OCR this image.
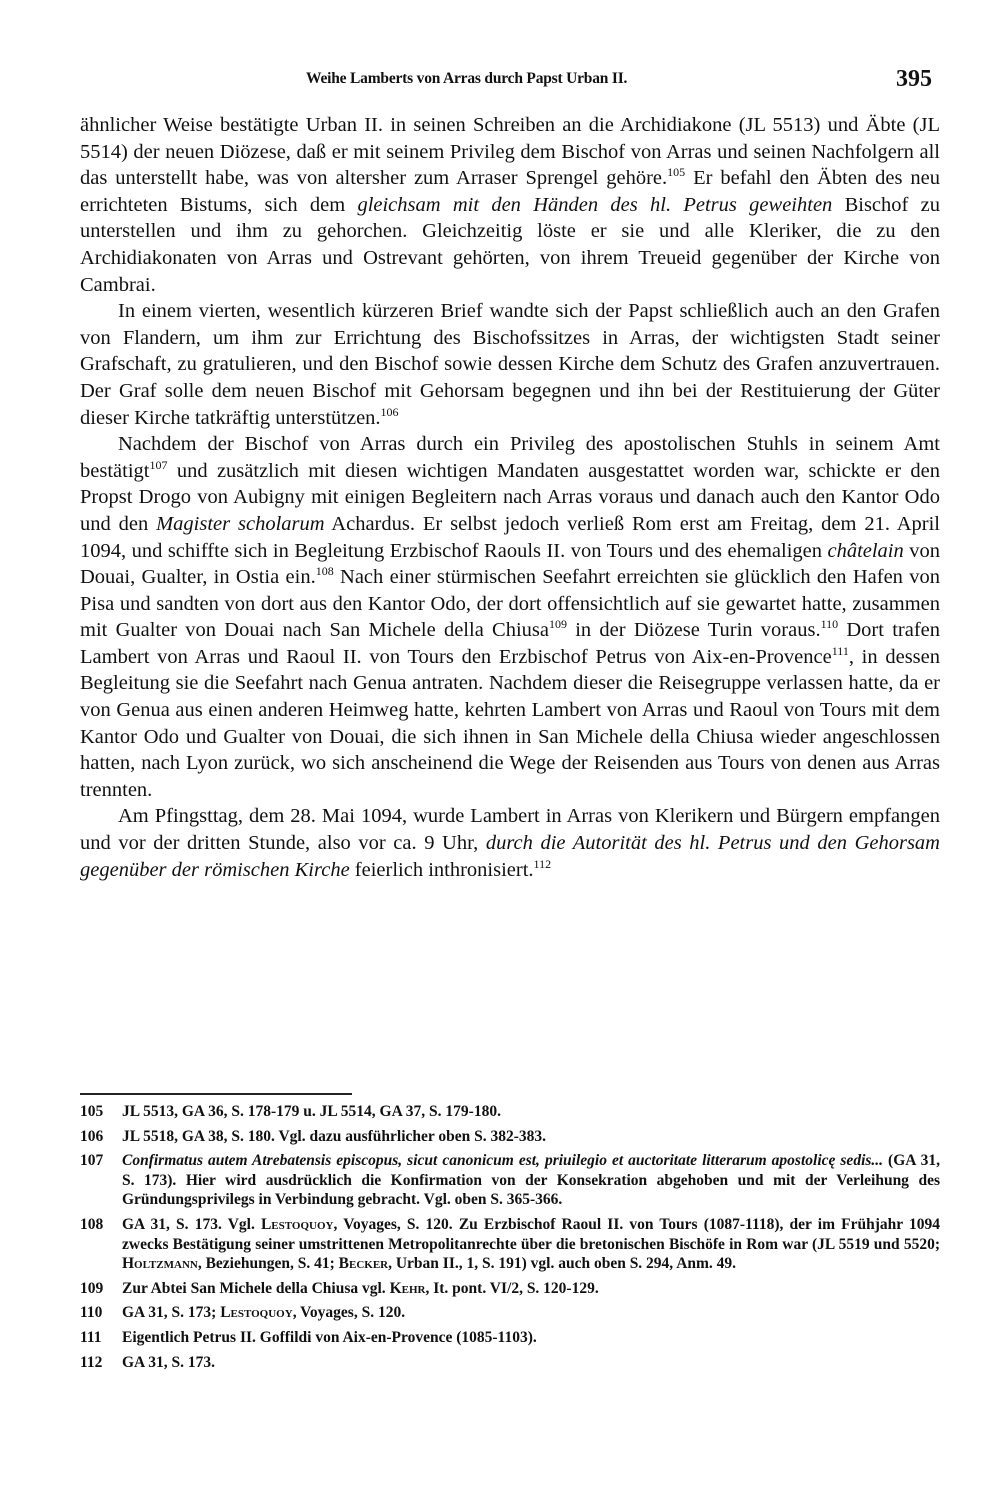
Weihe Lamberts von Arras durch Papst Urban II.	395

ähnlicher Weise bestätigte Urban II. in seinen Schreiben an die Archidiakone (JL 5513) und Äbte (JL 5514) der neuen Diözese, daß er mit seinem Privileg dem Bischof von Arras und seinen Nachfolgern all das unterstellt habe, was von altersher zum Arraser Sprengel gehöre.$^{105}$ Er befahl den Äbten des neu errichteten Bistums, sich dem gleichsam mit den Händen des hl. Petrus geweihten Bischof zu unterstellen und ihm zu gehorchen. Gleichzeitig löste er sie und alle Kleriker, die zu den Archidiakonaten von Arras und Ostrevant gehörten, von ihrem Treueid gegenüber der Kirche von Cambrai.

In einem vierten, wesentlich kürzeren Brief wandte sich der Papst schließlich auch an den Grafen von Flandern, um ihm zur Errichtung des Bischofssitzes in Arras, der wichtigsten Stadt seiner Grafschaft, zu gratulieren, und den Bischof sowie dessen Kirche dem Schutz des Grafen anzuvertrauen. Der Graf solle dem neuen Bischof mit Gehorsam begegnen und ihn bei der Restituierung der Güter dieser Kirche tatkräftig unterstützen.$^{106}$

Nachdem der Bischof von Arras durch ein Privileg des apostolischen Stuhls in seinem Amt bestätigt$^{107}$ und zusätzlich mit diesen wichtigen Mandaten ausgestattet worden war, schickte er den Propst Drogo von Aubigny mit einigen Begleitern nach Arras voraus und danach auch den Kantor Odo und den Magister scholarum Achardus. Er selbst jedoch verließ Rom erst am Freitag, dem 21. April 1094, und schiffte sich in Begleitung Erzbischof Raouls II. von Tours und des ehemaligen châtelain von Douai, Gualter, in Ostia ein.$^{108}$ Nach einer stürmischen Seefahrt erreichten sie glücklich den Hafen von Pisa und sandten von dort aus den Kantor Odo, der dort offensichtlich auf sie gewartet hatte, zusammen mit Gualter von Douai nach San Michele della Chiusa$^{109}$ in der Diözese Turin voraus.$^{110}$ Dort trafen Lambert von Arras und Raoul II. von Tours den Erzbischof Petrus von Aix-en-Provence$^{111}$, in dessen Begleitung sie die Seefahrt nach Genua antraten. Nachdem dieser die Reisegruppe verlassen hatte, da er von Genua aus einen anderen Heimweg hatte, kehrten Lambert von Arras und Raoul von Tours mit dem Kantor Odo und Gualter von Douai, die sich ihnen in San Michele della Chiusa wieder angeschlossen hatten, nach Lyon zurück, wo sich anscheinend die Wege der Reisenden aus Tours von denen aus Arras trennten.

Am Pfingsttag, dem 28. Mai 1094, wurde Lambert in Arras von Klerikern und Bürgern empfangen und vor der dritten Stunde, also vor ca. 9 Uhr, durch die Autorität des hl. Petrus und den Gehorsam gegenüber der römischen Kirche feierlich inthronisiert.$^{112}$

105 JL 5513, GA 36, S. 178-179 u. JL 5514, GA 37, S. 179-180.
106 JL 5518, GA 38, S. 180. Vgl. dazu ausführlicher oben S. 382-383.
107 Confirmatus autem Atrebatensis episcopus, sicut canonicum est, priuilegio et auctoritate litterarum apostolicę sedis... (GA 31, S. 173). Hier wird ausdrücklich die Konfirmation von der Konsekration abgehoben und mit der Verleihung des Gründungsprivilegs in Verbindung gebracht. Vgl. oben S. 365-366.
108 GA 31, S. 173. Vgl. Lestoquoy, Voyages, S. 120. Zu Erzbischof Raoul II. von Tours (1087-1118), der im Frühjahr 1094 zwecks Bestätigung seiner umstrittenen Metropolitanrechte über die bretonischen Bischöfe in Rom war (JL 5519 und 5520; Holtzmann, Beziehungen, S. 41; Becker, Urban II., 1, S. 191) vgl. auch oben S. 294, Anm. 49.
109 Zur Abtei San Michele della Chiusa vgl. Kehr, It. pont. VI/2, S. 120-129.
110 GA 31, S. 173; Lestoquoy, Voyages, S. 120.
111 Eigentlich Petrus II. Goffildi von Aix-en-Provence (1085-1103).
112 GA 31, S. 173.
